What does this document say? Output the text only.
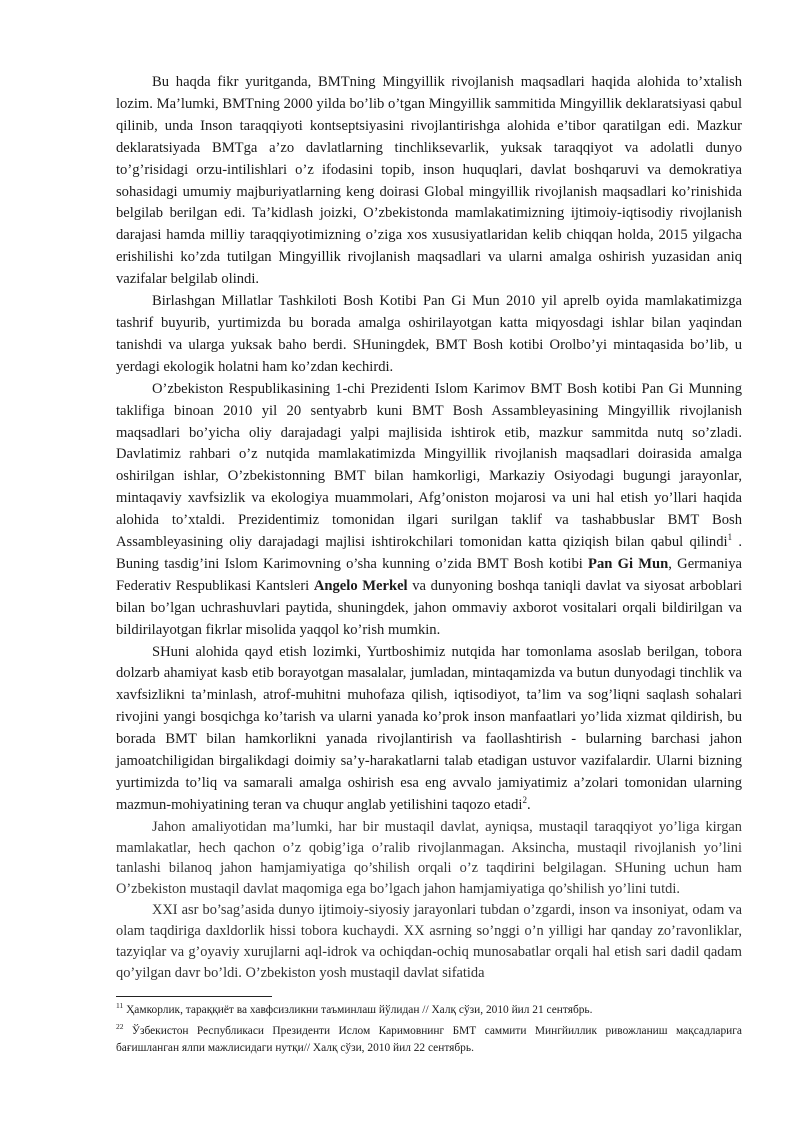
Bu haqda fikr yuritganda, BMTning Mingyillik rivojlanish maqsadlari haqida alohida to’xtalish lozim. Ma’lumki, BMTning 2000 yilda bo’lib o’tgan Mingyillik sammitida Mingyillik deklaratsiyasi qabul qilinib, unda Inson taraqqiyoti kontseptsiyasini rivojlantirishga alohida e’tibor qaratilgan edi. Mazkur deklaratsiyada BMTga a’zo davlatlarning tinchliksevarlik, yuksak taraqqiyot va adolatli dunyo to’g’risidagi orzu-intilishlari o’z ifodasini topib, inson huquqlari, davlat boshqaruvi va demokratiya sohasidagi umumiy majburiyatlarning keng doirasi Global mingyillik rivojlanish maqsadlari ko’rinishida belgilab berilgan edi. Ta’kidlash joizki, O’zbekistonda mamlakatimizning ijtimoiy-iqtisodiy rivojlanish darajasi hamda milliy taraqqiyotimizning o’ziga xos xususiyatlaridan kelib chiqqan holda, 2015 yilgacha erishilishi ko’zda tutilgan Mingyillik rivojlanish maqsadlari va ularni amalga oshirish yuzasidan aniq vazifalar belgilab olindi.

Birlashgan Millatlar Tashkiloti Bosh Kotibi Pan Gi Mun 2010 yil aprelb oyida mamlakatimizga tashrif buyurib, yurtimizda bu borada amalga oshirilayotgan katta miqyosdagi ishlar bilan yaqindan tanishdi va ularga yuksak baho berdi. SHuningdek, BMT Bosh kotibi Orolbo’yi mintaqasida bo’lib, u yerdagi ekologik holatni ham ko’zdan kechirdi.

O’zbekiston Respublikasining 1-chi Prezidenti Islom Karimov BMT Bosh kotibi Pan Gi Munning taklifiga binoan 2010 yil 20 sentyabrb kuni BMT Bosh Assambleyasining Mingyillik rivojlanish maqsadlari bo’yicha oliy darajadagi yalpi majlisida ishtirok etib, mazkur sammitda nutq so’zladi. Davlatimiz rahbari o’z nutqida mamlakatimizda Mingyillik rivojlanish maqsadlari doirasida amalga oshirilgan ishlar, O’zbekistonning BMT bilan hamkorligi, Markaziy Osiyodagi bugungi jarayonlar, mintaqaviy xavfsizlik va ekologiya muammolari, Afg’oniston mojarosi va uni hal etish yo’llari haqida alohida to’xtaldi. Prezidentimiz tomonidan ilgari surilgan taklif va tashabbuslar BMT Bosh Assambleyasining oliy darajadagi majlisi ishtirokchilari tomonidan katta qiziqish bilan qabul qilindi$^1$ . Buning tasdig’ini Islom Karimovning o’sha kunning o’zida BMT Bosh kotibi Pan Gi Mun, Germaniya Federativ Respublikasi Kantsleri Angelo Merkel va dunyoning boshqa taniqli davlat va siyosat arboblari bilan bo’lgan uchrashuvlari paytida, shuningdek, jahon ommaviy axborot vositalari orqali bildirilgan va bildirilayotgan fikrlar misolida yaqqol ko’rish mumkin.

SHuni alohida qayd etish lozimki, Yurtboshimiz nutqida har tomonlama asoslab berilgan, tobora dolzarb ahamiyat kasb etib borayotgan masalalar, jumladan, mintaqamizda va butun dunyodagi tinchlik va xavfsizlikni ta’minlash, atrof-muhitni muhofaza qilish, iqtisodiyot, ta’lim va sog’liqni saqlash sohalari rivojini yangi bosqichga ko’tarish va ularni yanada ko’prok inson manfaatlari yo’lida xizmat qildirish, bu borada BMT bilan hamkorlikni yanada rivojlantirish va faollashtirish - bularning barchasi jahon jamoatchiligidan birgalikdagi doimiy sa’y-harakatlarni talab etadigan ustuvor vazifalardir. Ularni bizning yurtimizda to’liq va samarali amalga oshirish esa eng avvalo jamiyatimiz a’zolari tomonidan ularning mazmun-mohiyatining teran va chuqur anglab yetilishini taqozo etadi$^2$.

Jahon amaliyotidan ma’lumki, har bir mustaqil davlat, ayniqsa, mustaqil taraqqiyot yo’liga kirgan mamlakatlar, hech qachon o’z qobig’iga o’ralib rivojlanmagan. Aksincha, mustaqil rivojlanish yo’lini tanlashi bilanoq jahon hamjamiyatiga qo’shilish orqali o’z taqdirini belgilagan. SHuning uchun ham O’zbekiston mustaqil davlat maqomiga ega bo’lgach jahon hamjamiyatiga qo’shilish yo’lini tutdi.

XXI asr bo’sag’asida dunyo ijtimoiy-siyosiy jarayonlari tubdan o’zgardi, inson va insoniyat, odam va olam taqdiriga daxldorlik hissi tobora kuchaydi. XX asrning so’nggi o’n yilligi har qanday zo’ravonliklar, tazyiqlar va g’oyaviy xurujlarni aql-idrok va ochiqdan-ochiq munosabatlar orqali hal etish sari dadil qadam qo’yilgan davr bo’ldi. O’zbekiston yosh mustaqil davlat sifatida

$^{11}$ Ҳамкорлик, тараққиёт ва хавфсизликни таъминлаш йўлидан // Халқ сўзи, 2010 йил 21 сентябрь.

$^{22}$ Ўзбекистон Республикаси Президенти Ислом Каримовнинг БМТ саммити Мингйиллик ривожланиш мақсадларига бағишланган ялпи мажлисидаги нутқи// Халқ сўзи, 2010 йил 22 сентябрь.
